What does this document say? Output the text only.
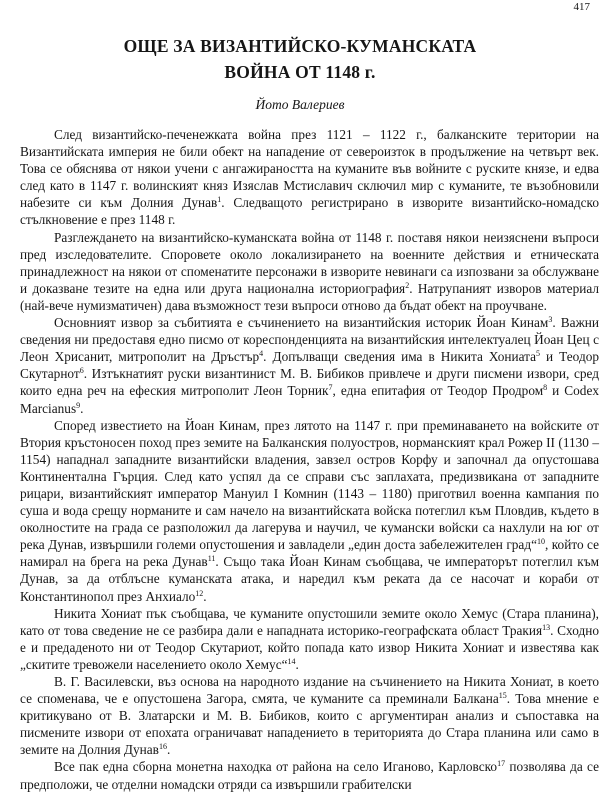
417
ОЩЕ ЗА ВИЗАНТИЙСКО-КУМАНСКАТА
ВОЙНА ОТ 1148 г.
Йото Валериев

След византийско-печенежката война през 1121 – 1122 г., балканските територии на Византийската империя не били обект на нападение от североизток в продължение на четвърт век. Това се обяснява от някои учени с ангажираността на куманите във войните с руските князе, и едва след като в 1147 г. волинският княз Изяслав Мстиславич сключил мир с куманите, те възобновили набезите си към Долния Дунав$^1$. Следващото регистрирано в изворите византийско-номадско стълкновение е през 1148 г.

Разглеждането на византийско-куманската война от 1148 г. поставя някои неизяснени въпроси пред изследователите. Споровете около локализирането на военните действия и етническата принадлежност на някои от споменатите персонажи в изворите невинаги са изпозвани за обслужване и доказване тезите на една или друга национална историография$^2$. Натрупаният изворов материал (най-вече нумизматичен) дава възможност тези въпроси отново да бъдат обект на проучване.

Основният извор за събитията е съчинението на византийския историк Йоан Кинам$^3$. Важни сведения ни предоставя едно писмо от кореспонденцията на византийския интелектуалец Йоан Цец с Леон Хрисанит, митрополит на Дръстър$^4$. Допълващи сведения има в Никита Хониата$^5$ и Теодор Скутарнот$^6$. Изтъкнатият руски византинист М. В. Бибиков привлече и други писмени извори, сред които една реч на ефеския митрополит Леон Торник$^7$, една епитафия от Теодор Продром$^8$ и Codex Marcianus$^9$.

Според известието на Йоан Кинам, през лятото на 1147 г. при преминаването на войските от Втория кръстоносен поход през земите на Балканския полуостров, норманският крал Рожер II (1130 – 1154) нападнал западните византийски владения, завзел остров Корфу и започнал да опустошава Континентална Гърция. След като успял да се справи със заплахата, предизвикана от западните рицари, византийският император Мануил I Комнин (1143 – 1180) приготвил военна кампания по суша и вода срещу норманите и сам начело на византийската войска потеглил към Пловдив, където в околностите на града се разположил да лагерува и научил, че кумански войски са нахлули на юг от река Дунав, извършили големи опустошения и завладели „един доста забележителен град“$^{10}$, който се намирал на брега на река Дунав$^{11}$. Също така Йоан Кинам съобщава, че императорът потеглил към Дунав, за да отблъсне куманската атака, и наредил към реката да се насочат и кораби от Константинопол през Анхиало$^{12}$.

Никита Хониат пък съобщава, че куманите опустошили земите около Хемус (Стара планина), като от това сведение не се разбира дали е нападната историко-географската област Тракия$^{13}$. Сходно е и предаденото ни от Теодор Скутариот, който попада като извор Никита Хониат и известява как „скитите тревожели населението около Хемус“$^{14}$.

В. Г. Василевски, въз основа на народното издание на съчинението на Никита Хониат, в което се споменава, че е опустошена Загора, смята, че куманите са преминали Балкана$^{15}$. Това мнение е критикувано от В. Златарски и М. В. Бибиков, които с аргументиран анализ и съпоставка на писмените извори от епохата ограничават нападението в територията до Стара планина или само в земите на Долния Дунав$^{16}$.

Все пак една сборна монетна находка от района на село Иганово, Карловско$^{17}$ позволява да се предположи, че отделни номадски отряди са извършили грабителски
